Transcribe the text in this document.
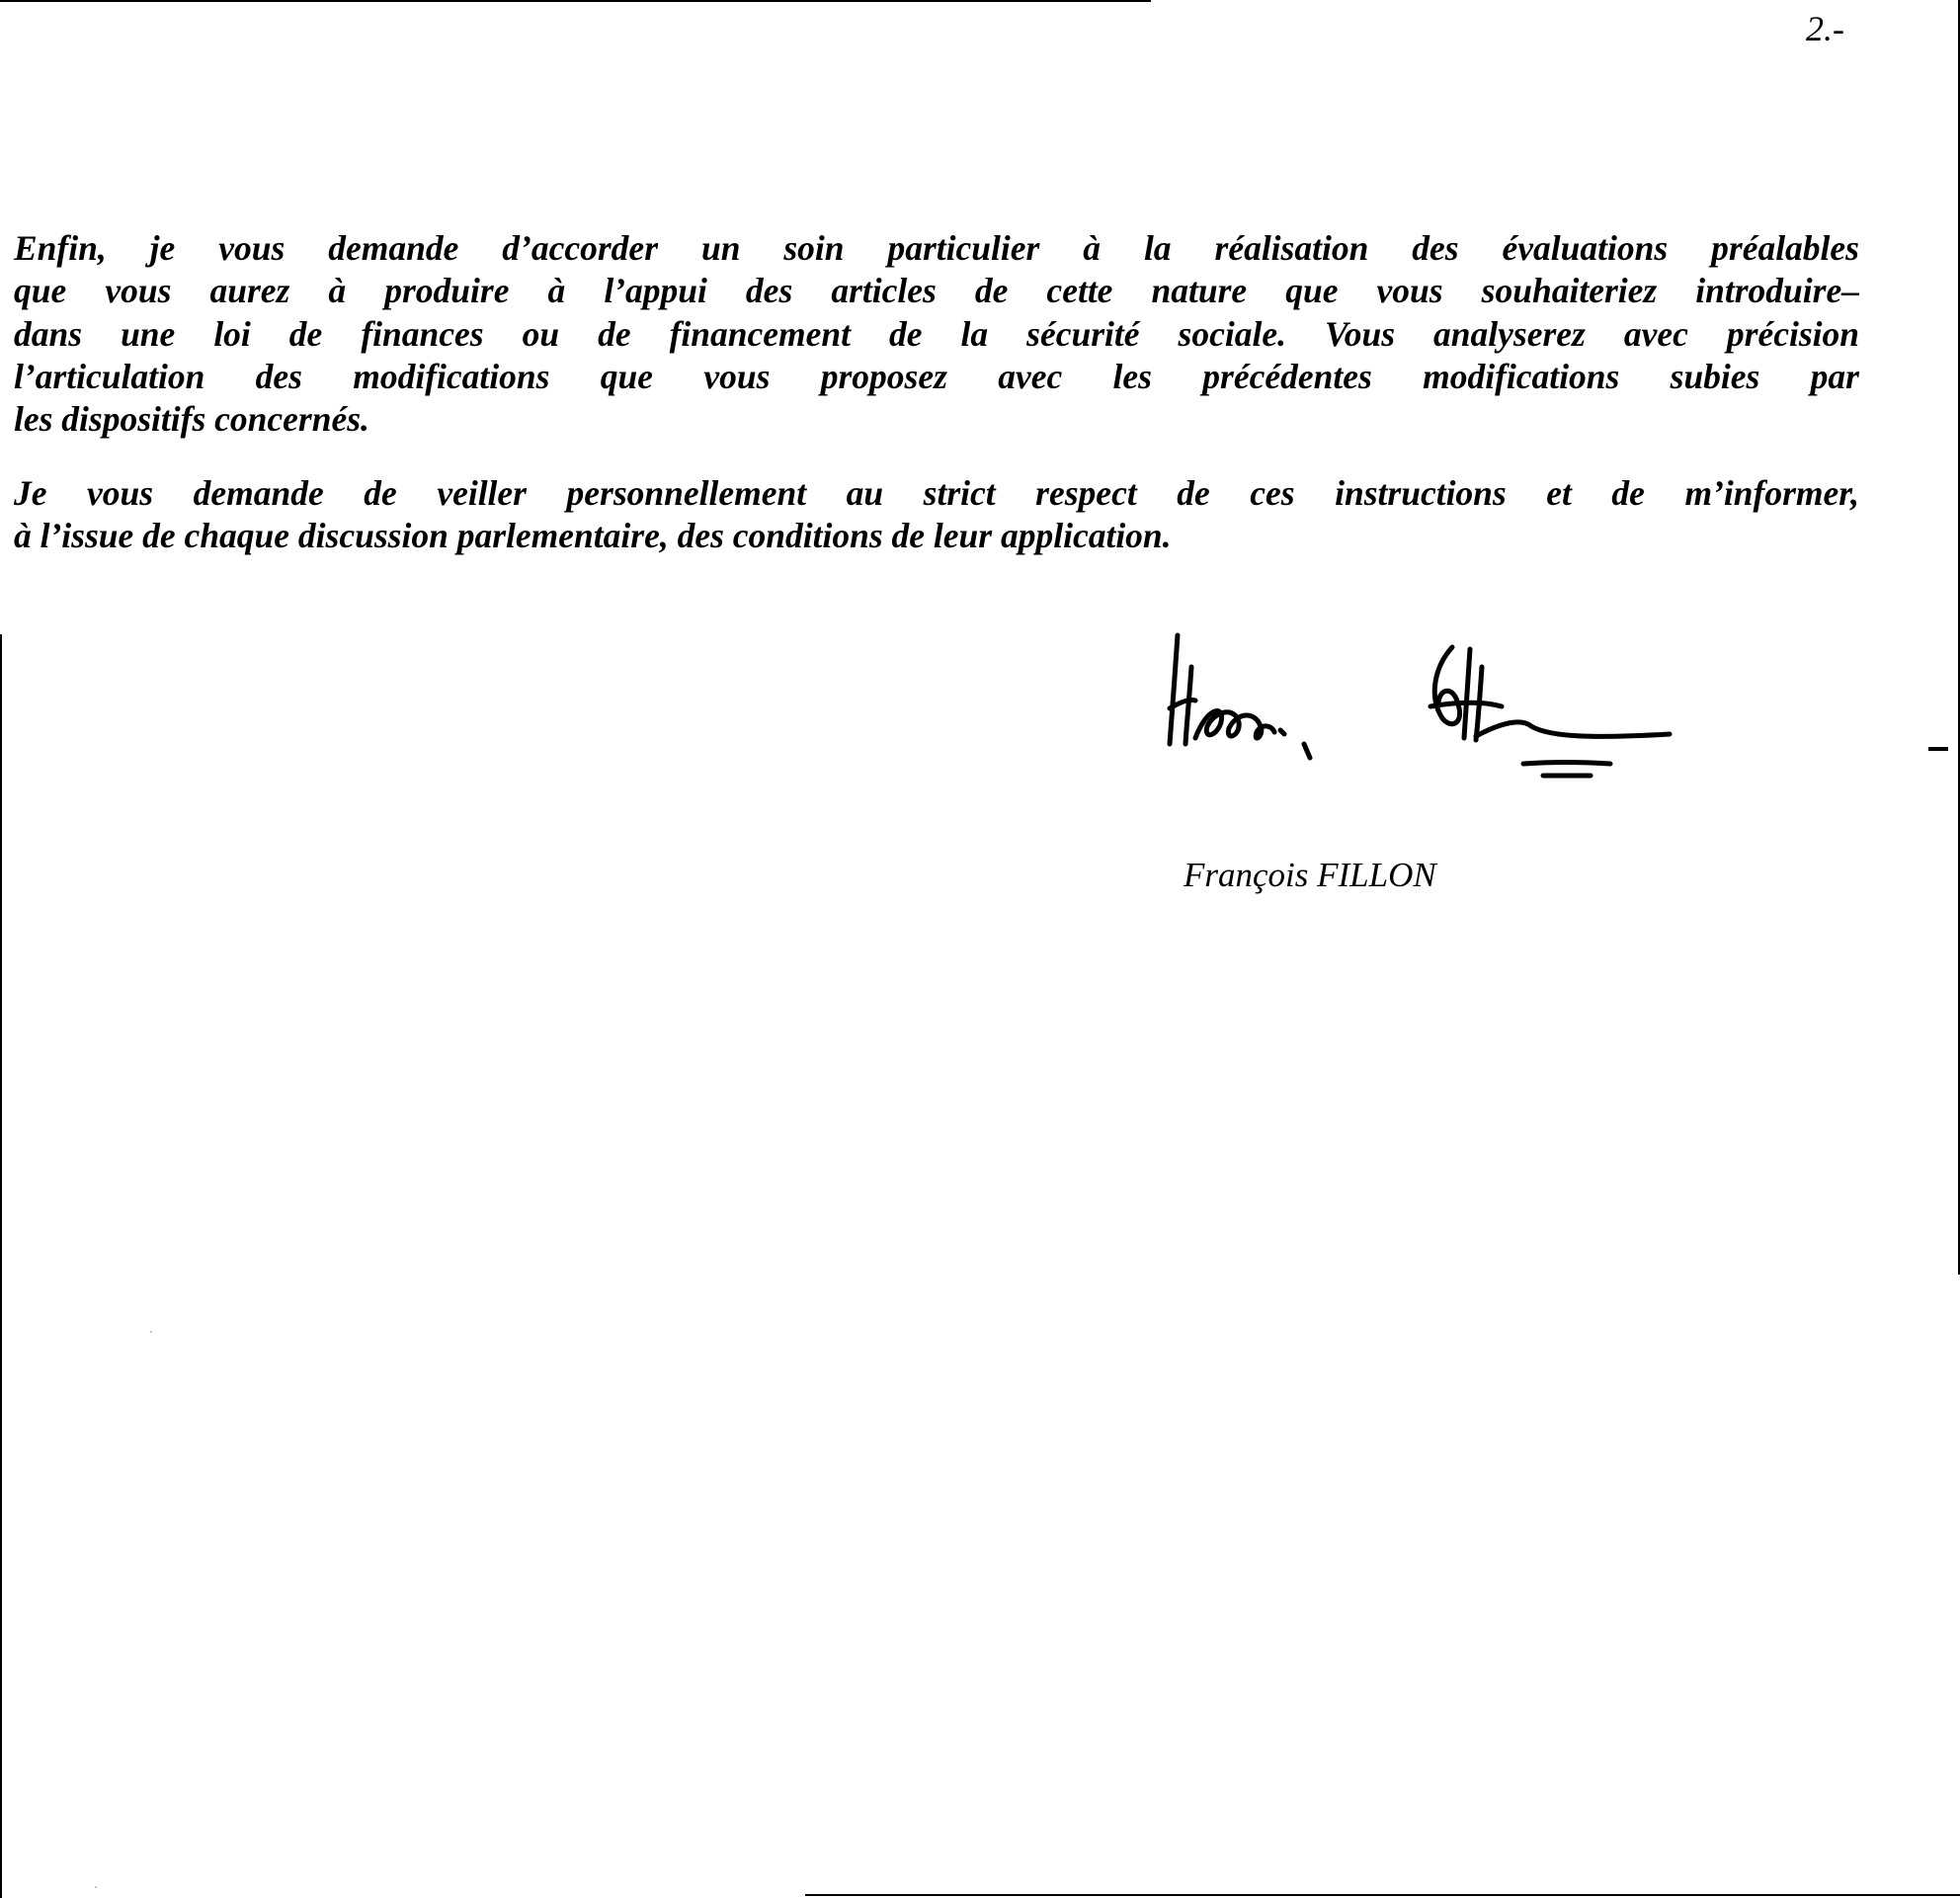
2.-

Enfin, je vous demande d’accorder un soin particulier à la réalisation des évaluations préalables
que vous aurez à produire à l’appui des articles de cette nature que vous souhaiteriez introduire–
dans une loi de finances ou de financement de la sécurité sociale. Vous analyserez avec précision
l’articulation des modifications que vous proposez avec les précédentes modifications subies par
les dispositifs concernés.

Je vous demande de veiller personnellement au strict respect de ces instructions et de m’informer,
à l’issue de chaque discussion parlementaire, des conditions de leur application.

François FILLON
